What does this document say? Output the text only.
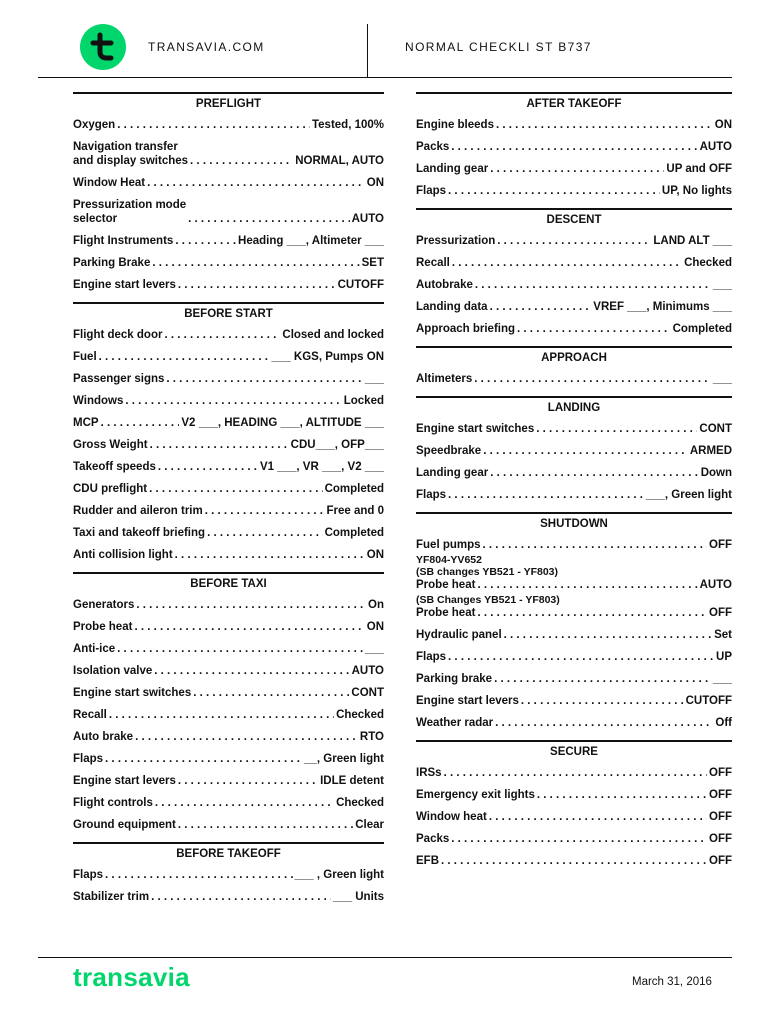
TRANSAVIA.COM	NORMAL CHECKLI ST B737
PREFLIGHT
Oxygen . . .	Tested, 100%
Navigation transfer
and display switches . . .	NORMAL, AUTO
Window Heat . . .	ON
Pressurization mode
selector . . .	AUTO
Flight Instruments . . .	Heading ___, Altimeter ___
Parking Brake . . .	SET
Engine start levers . . .	CUTOFF
BEFORE START
Flight deck door . . .	Closed and locked
Fuel . . .	___ KGS, Pumps ON
Passenger signs . . .	___
Windows . . .	Locked
MCP . . .	V2 ___, HEADING ___, ALTITUDE ___
Gross Weight . . .	CDU___, OFP___
Takeoff speeds . . .	V1 ___, VR ___, V2 ___
CDU preflight . . .	Completed
Rudder and aileron trim . . .	Free and 0
Taxi and takeoff briefing . . .	Completed
Anti collision light . . .	ON
BEFORE TAXI
Generators . . .	On
Probe heat . . .	ON
Anti-ice . . .	___
Isolation valve . . .	AUTO
Engine start switches . . .	CONT
Recall . . .	Checked
Auto brake . . .	RTO
Flaps . . .	__, Green light
Engine start levers . . .	IDLE detent
Flight controls . . .	Checked
Ground equipment . . .	Clear
BEFORE TAKEOFF
Flaps . . .	___ , Green light
Stabilizer trim . . .	___ Units
AFTER TAKEOFF
Engine bleeds . . .	ON
Packs . . .	AUTO
Landing gear . . .	UP and OFF
Flaps . . .	UP, No lights
DESCENT
Pressurization . . .	LAND ALT ___
Recall . . .	Checked
Autobrake . . .	___
Landing data . . .	VREF ___, Minimums ___
Approach briefing . . .	Completed
APPROACH
Altimeters . . .	___
LANDING
Engine start switches . . .	CONT
Speedbrake . . .	ARMED
Landing gear . . .	Down
Flaps . . .	___, Green light
SHUTDOWN
Fuel pumps . . .	OFF
YF804-YV652
(SB changes YB521 - YF803)
Probe heat . . .	AUTO
(SB Changes YB521 - YF803)
Probe heat . . .	OFF
Hydraulic panel . . .	Set
Flaps . . .	UP
Parking brake . . .	___
Engine start levers . . .	CUTOFF
Weather radar . . .	Off
SECURE
IRSs . . .	OFF
Emergency exit lights . . .	OFF
Window heat . . .	OFF
Packs . . .	OFF
EFB . . .	OFF
transavia	March 31, 2016
